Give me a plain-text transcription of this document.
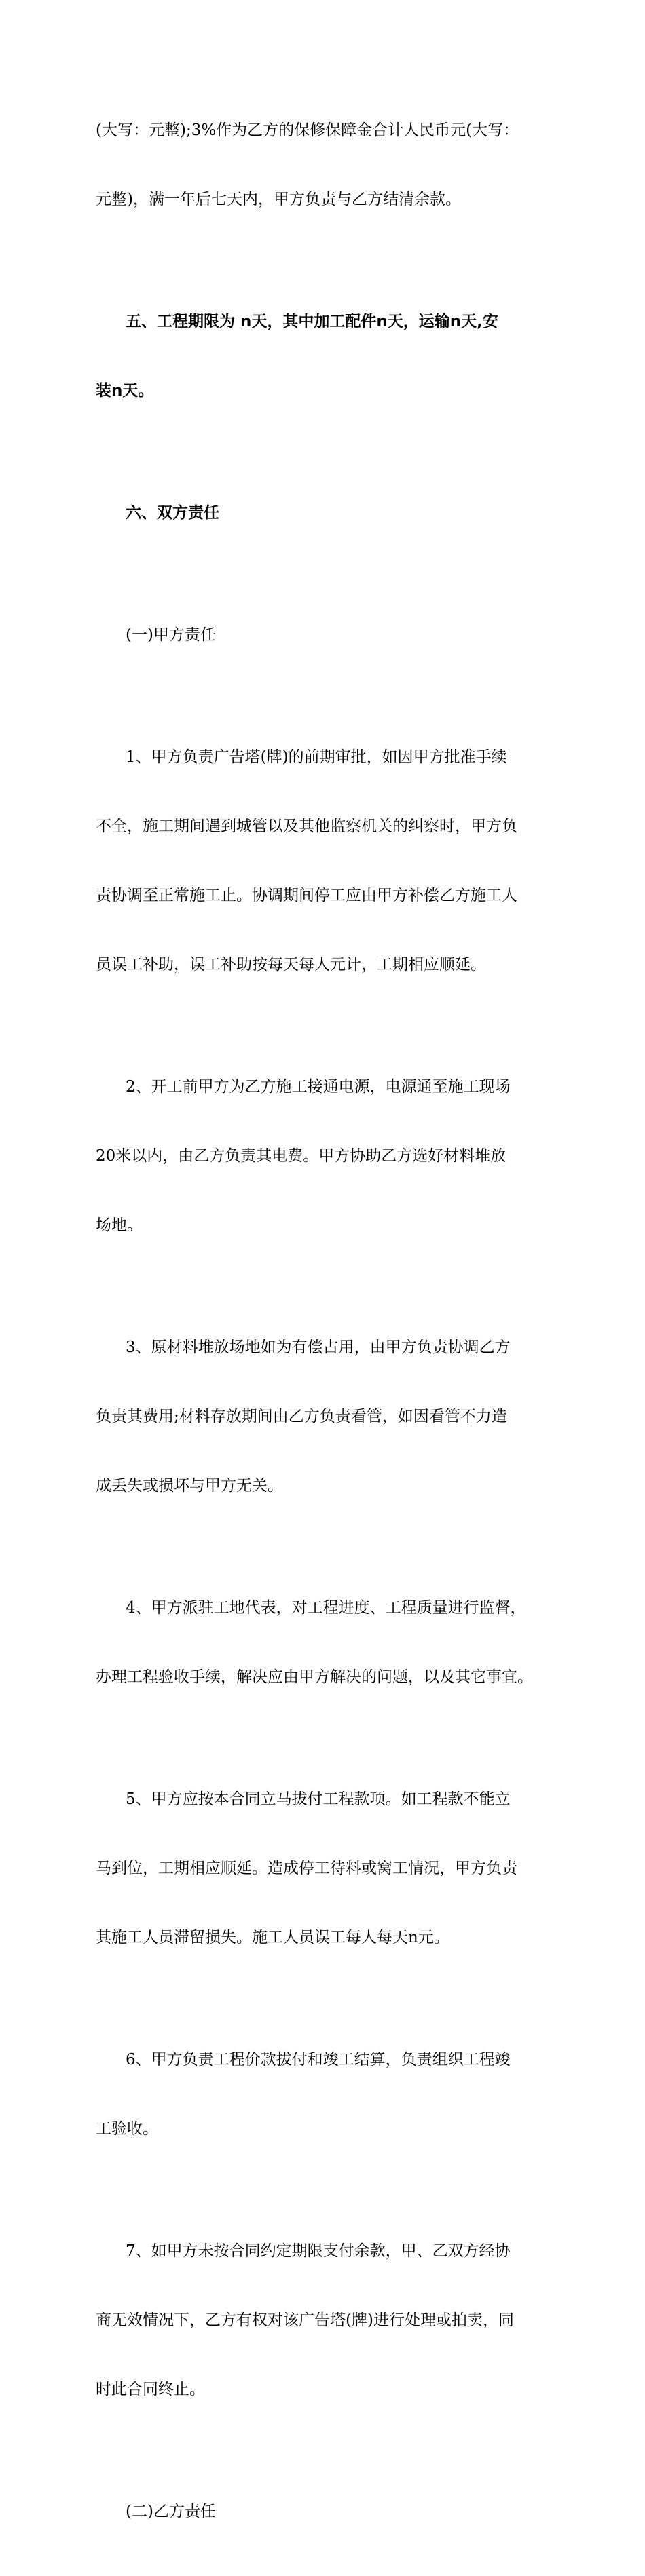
(大写：元整);3%作为乙方的保修保障金合计人民币元(大写：

元整)，满一年后七天内，甲方负责与乙方结清余款。

五、工程期限为 n天，其中加工配件n天，运输n天,安

装n天。

六、双方责任

(一)甲方责任

1、甲方负责广告塔(牌)的前期审批，如因甲方批准手续

不全，施工期间遇到城管以及其他监察机关的纠察时，甲方负

责协调至正常施工止。协调期间停工应由甲方补偿乙方施工人

员误工补助，误工补助按每天每人元计，工期相应顺延。

2、开工前甲方为乙方施工接通电源，电源通至施工现场

20米以内，由乙方负责其电费。甲方协助乙方选好材料堆放

场地。

3、原材料堆放场地如为有偿占用，由甲方负责协调乙方

负责其费用;材料存放期间由乙方负责看管，如因看管不力造

成丢失或损坏与甲方无关。

4、甲方派驻工地代表，对工程进度、工程质量进行监督，

办理工程验收手续，解决应由甲方解决的问题，以及其它事宜。

5、甲方应按本合同立马拔付工程款项。如工程款不能立

马到位，工期相应顺延。造成停工待料或窝工情况，甲方负责

其施工人员滞留损失。施工人员误工每人每天n元。

6、甲方负责工程价款拔付和竣工结算，负责组织工程竣

工验收。

7、如甲方未按合同约定期限支付余款，甲、乙双方经协

商无效情况下，乙方有权对该广告塔(牌)进行处理或拍卖，同

时此合同终止。

(二)乙方责任
